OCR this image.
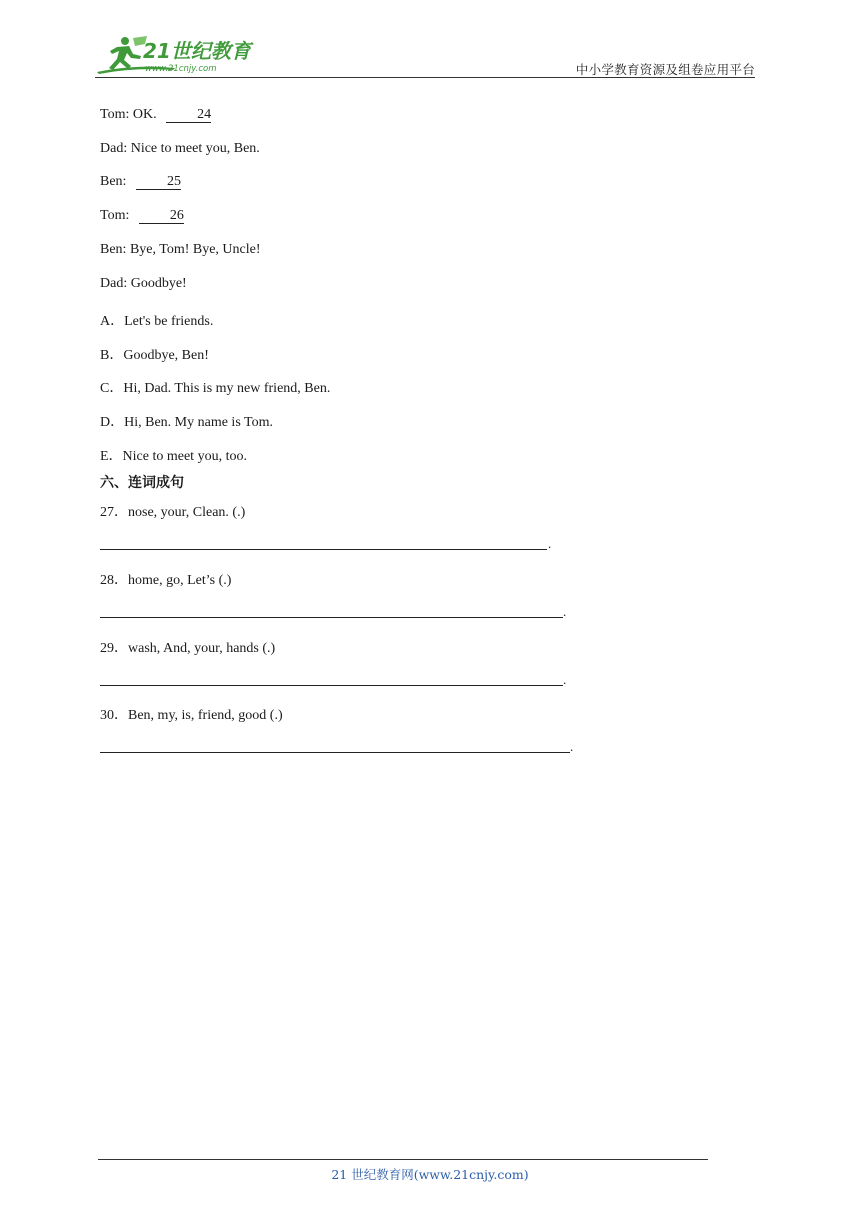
21世纪教育
www.21cnjy.com	中小学教育资源及组卷应用平台
Tom: OK.	24
Dad: Nice to meet you, Ben.
Ben:	25
Tom:	26
Ben: Bye, Tom! Bye, Uncle!
Dad: Goodbye!
A．Let's be friends.
B．Goodbye, Ben!
C．Hi, Dad. This is my new friend, Ben.
D．Hi, Ben. My name is Tom.
E．Nice to meet you, too.
六、连词成句
27．nose, your, Clean. (.)
.
28．home, go, Let’s (.)
.
29．wash, And, your, hands (.)
.
30．Ben, my, is, friend, good (.)
.
21 世纪教育网(www.21cnjy.com)
